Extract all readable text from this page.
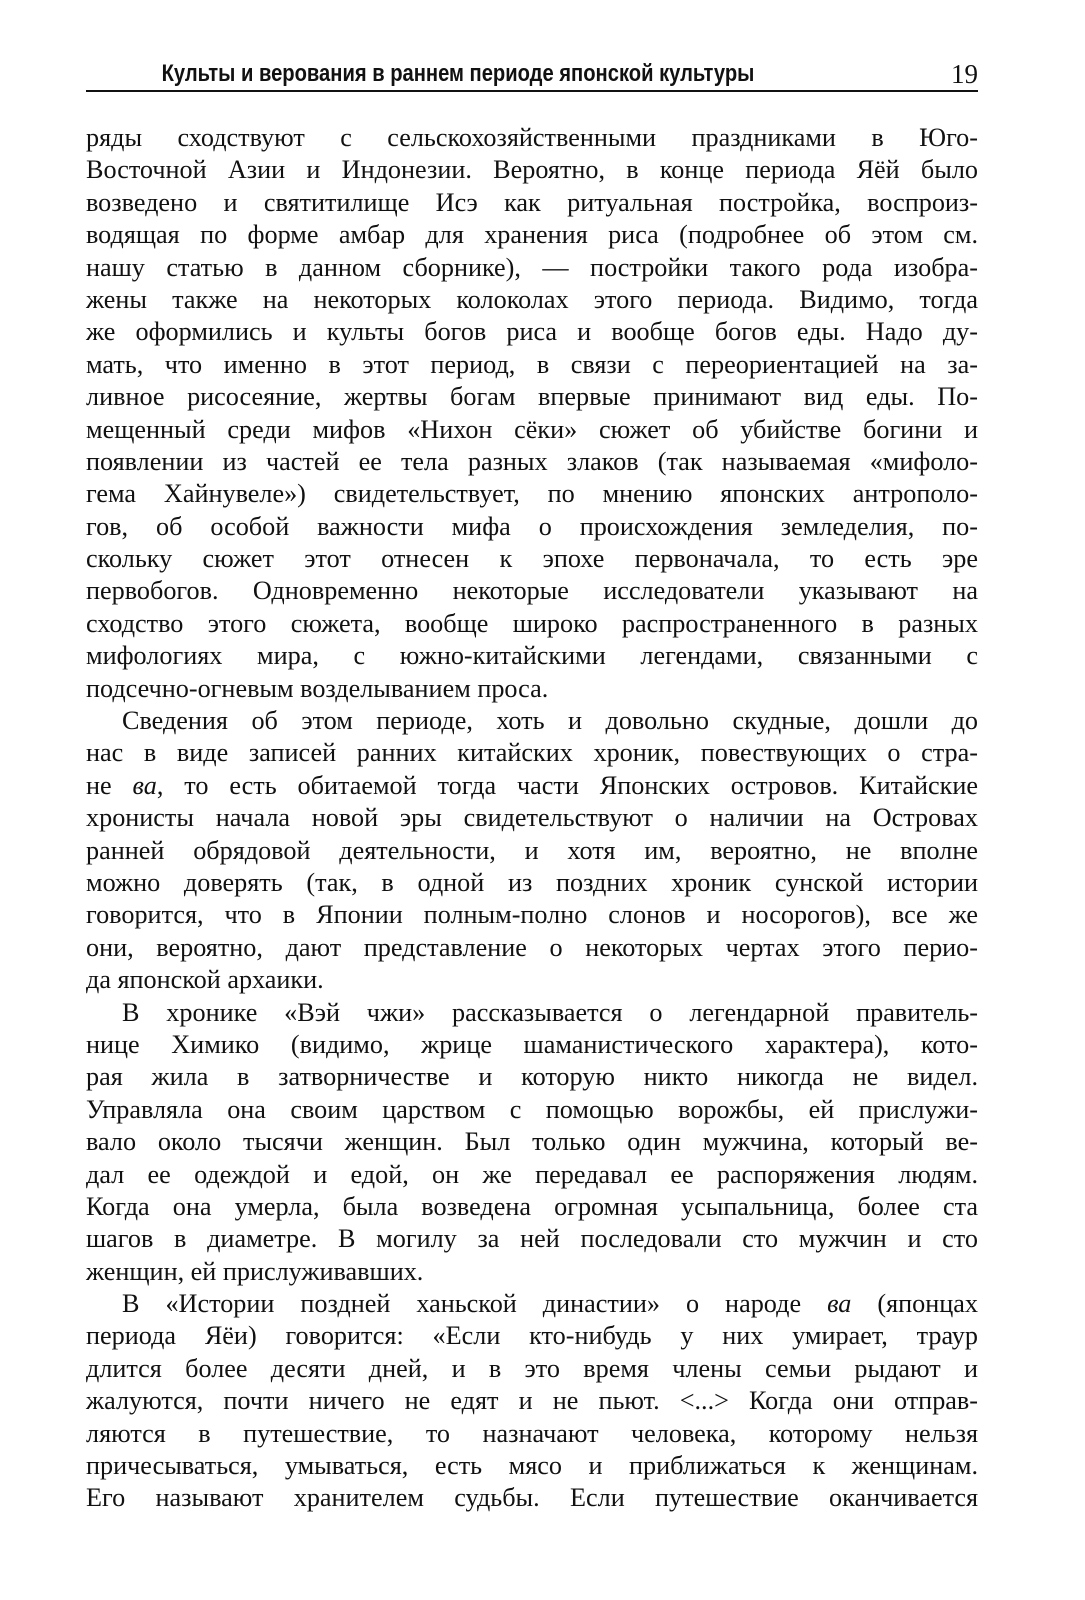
Культы и верования в раннем периоде японской культуры	19
ряды сходствуют с сельскохозяйственными праздниками в Юго-
Восточной Азии и Индонезии. Вероятно, в конце периода Яёй было
возведено и святитилище Исэ как ритуальная постройка, воспроиз-
водящая по форме амбар для хранения риса (подробнее об этом см.
нашу статью в данном сборнике), — постройки такого рода изобра-
жены также на некоторых колоколах этого периода. Видимо, тогда
же оформились и культы богов риса и вообще богов еды. Надо ду-
мать, что именно в этот период, в связи с переориентацией на за-
ливное рисосеяние, жертвы богам впервые принимают вид еды. По-
мещенный среди мифов «Нихон сёки» сюжет об убийстве богини и
появлении из частей ее тела разных злаков (так называемая «мифоло-
гема Хайнувеле») свидетельствует, по мнению японских антрополо-
гов, об особой важности мифа о происхождения земледелия, по-
скольку сюжет этот отнесен к эпохе первоначала, то есть эре
первобогов. Одновременно некоторые исследователи указывают на
сходство этого сюжета, вообще широко распространенного в разных
мифологиях мира, с южно-китайскими легендами, связанными с
подсечно-огневым возделыванием проса.
Сведения об этом периоде, хоть и довольно скудные, дошли до
нас в виде записей ранних китайских хроник, повествующих о стра-
не ва, то есть обитаемой тогда части Японских островов. Китайские
хронисты начала новой эры свидетельствуют о наличии на Островах
ранней обрядовой деятельности, и хотя им, вероятно, не вполне
можно доверять (так, в одной из поздних хроник сунской истории
говорится, что в Японии полным-полно слонов и носорогов), все же
они, вероятно, дают представление о некоторых чертах этого перио-
да японской архаики.
В хронике «Вэй чжи» рассказывается о легендарной правитель-
нице Химико (видимо, жрице шаманистического характера), кото-
рая жила в затворничестве и которую никто никогда не видел.
Управляла она своим царством с помощью ворожбы, ей прислужи-
вало около тысячи женщин. Был только один мужчина, который ве-
дал ее одеждой и едой, он же передавал ее распоряжения людям.
Когда она умерла, была возведена огромная усыпальница, более ста
шагов в диаметре. В могилу за ней последовали сто мужчин и сто
женщин, ей прислуживавших.
В «Истории поздней ханьской династии» о народе ва (японцах
периода Яёи) говорится: «Если кто-нибудь у них умирает, траур
длится более десяти дней, и в это время члены семьи рыдают и
жалуются, почти ничего не едят и не пьют. <...> Когда они отправ-
ляются в путешествие, то назначают человека, которому нельзя
причесываться, умываться, есть мясо и приближаться к женщинам.
Его называют хранителем судьбы. Если путешествие оканчивается
